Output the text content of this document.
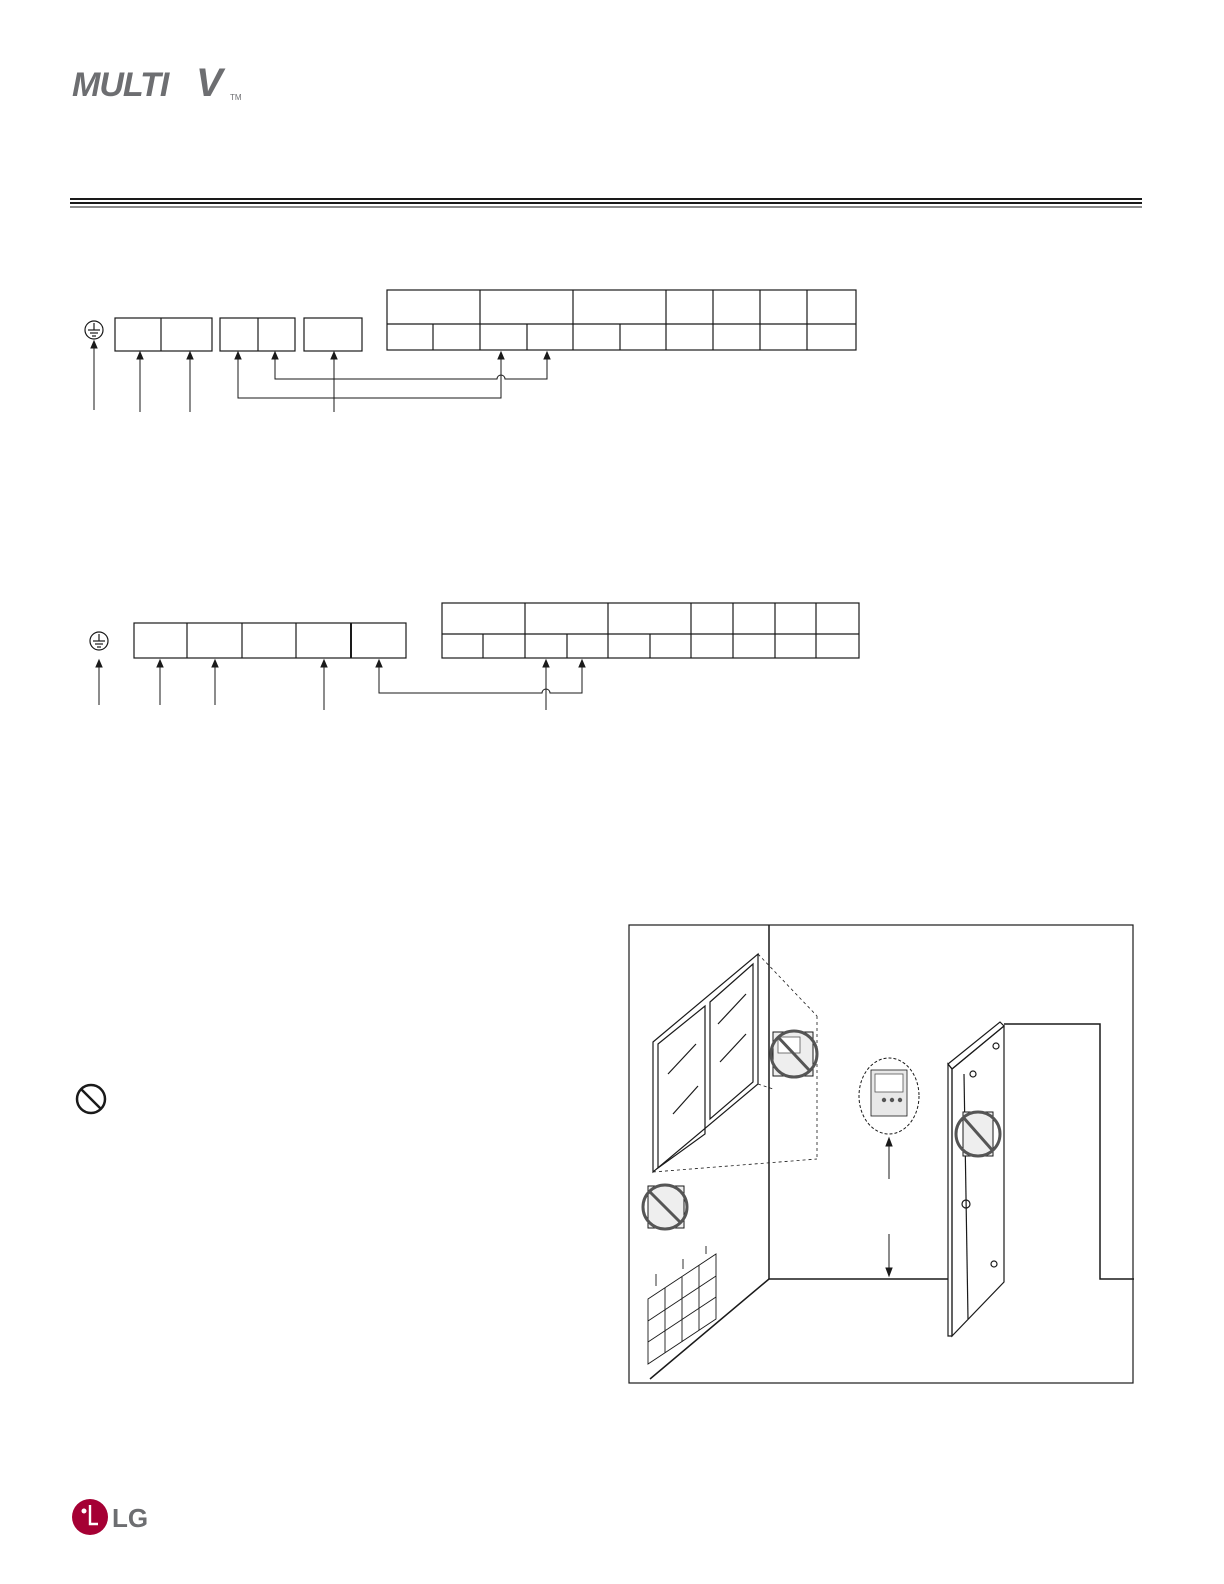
MULTI V TM
LG
